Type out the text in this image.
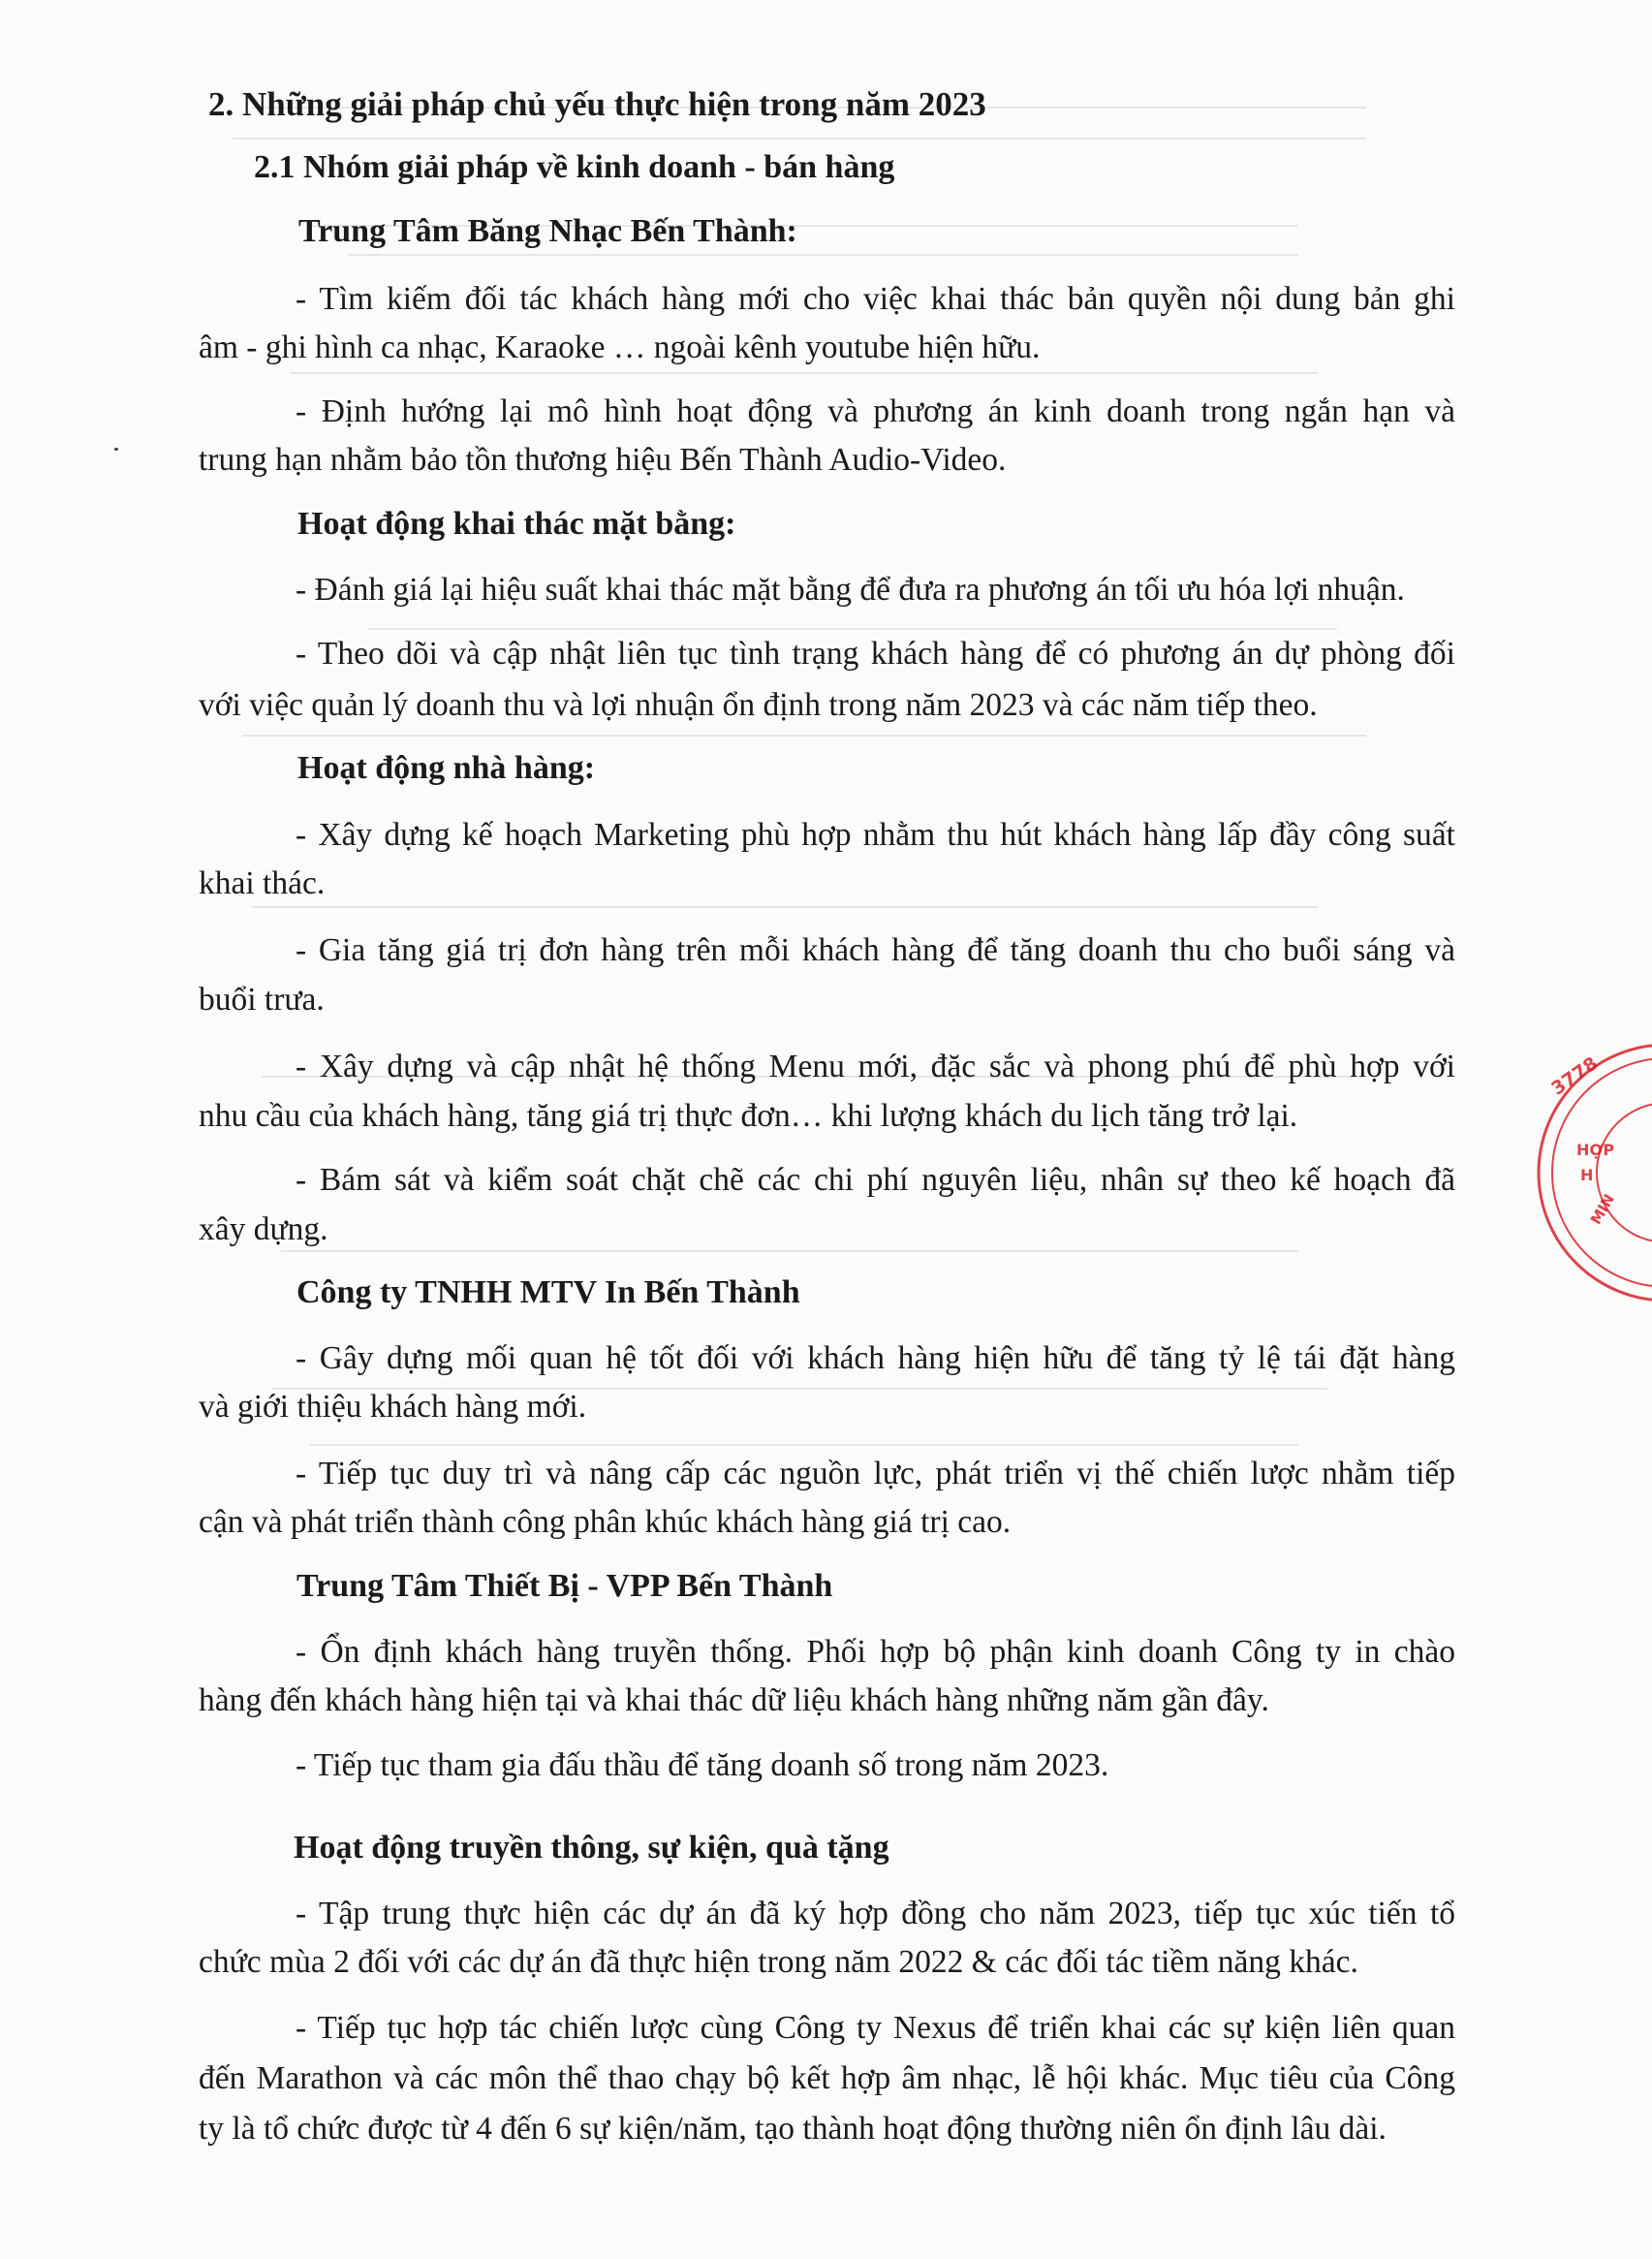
2. Những giải pháp chủ yếu thực hiện trong năm 2023

2.1 Nhóm giải pháp về kinh doanh - bán hàng

Trung Tâm Băng Nhạc Bến Thành:

- Tìm kiếm đối tác khách hàng mới cho việc khai thác bản quyền nội dung bản ghi

âm - ghi hình ca nhạc, Karaoke … ngoài kênh youtube hiện hữu.

- Định hướng lại mô hình hoạt động và phương án kinh doanh trong ngắn hạn và

trung hạn nhằm bảo tồn thương hiệu Bến Thành Audio-Video.

Hoạt động khai thác mặt bằng:

- Đánh giá lại hiệu suất khai thác mặt bằng để đưa ra phương án tối ưu hóa lợi nhuận.

- Theo dõi và cập nhật liên tục tình trạng khách hàng để có phương án dự phòng đối

với việc quản lý doanh thu và lợi nhuận ổn định trong năm 2023 và các năm tiếp theo.

Hoạt động nhà hàng:

- Xây dựng kế hoạch Marketing phù hợp nhằm thu hút khách hàng lấp đầy công suất

khai thác.

- Gia tăng giá trị đơn hàng trên mỗi khách hàng để tăng doanh thu cho buổi sáng và

buổi trưa.

- Xây dựng và cập nhật hệ thống Menu mới, đặc sắc và phong phú để phù hợp với

nhu cầu của khách hàng, tăng giá trị thực đơn… khi lượng khách du lịch tăng trở lại.

- Bám sát và kiểm soát chặt chẽ các chi phí nguyên liệu, nhân sự theo kế hoạch đã

xây dựng.

Công ty TNHH MTV In Bến Thành

- Gây dựng mối quan hệ tốt đối với khách hàng hiện hữu để tăng tỷ lệ tái đặt hàng

và giới thiệu khách hàng mới.

- Tiếp tục duy trì và nâng cấp các nguồn lực, phát triển vị thế chiến lược nhằm tiếp

cận và phát triển thành công phân khúc khách hàng giá trị cao.

Trung Tâm Thiết Bị - VPP Bến Thành

- Ổn định khách hàng truyền thống. Phối hợp bộ phận kinh doanh Công ty in chào

hàng đến khách hàng hiện tại và khai thác dữ liệu khách hàng những năm gần đây.

- Tiếp tục tham gia đấu thầu để tăng doanh số trong năm 2023.

Hoạt động truyền thông, sự kiện, quà tặng

- Tập trung thực hiện các dự án đã ký hợp đồng cho năm 2023, tiếp tục xúc tiến tổ

chức mùa 2 đối với các dự án đã thực hiện trong năm 2022 & các đối tác tiềm năng khác.

- Tiếp tục hợp tác chiến lược cùng Công ty Nexus để triển khai các sự kiện liên quan

đến Marathon và các môn thể thao chạy bộ kết hợp âm nhạc, lễ hội khác. Mục tiêu của Công

ty là tổ chức được từ 4 đến 6 sự kiện/năm, tạo thành hoạt động thường niên ổn định lâu dài.

3778
HỢP
H
MIN
